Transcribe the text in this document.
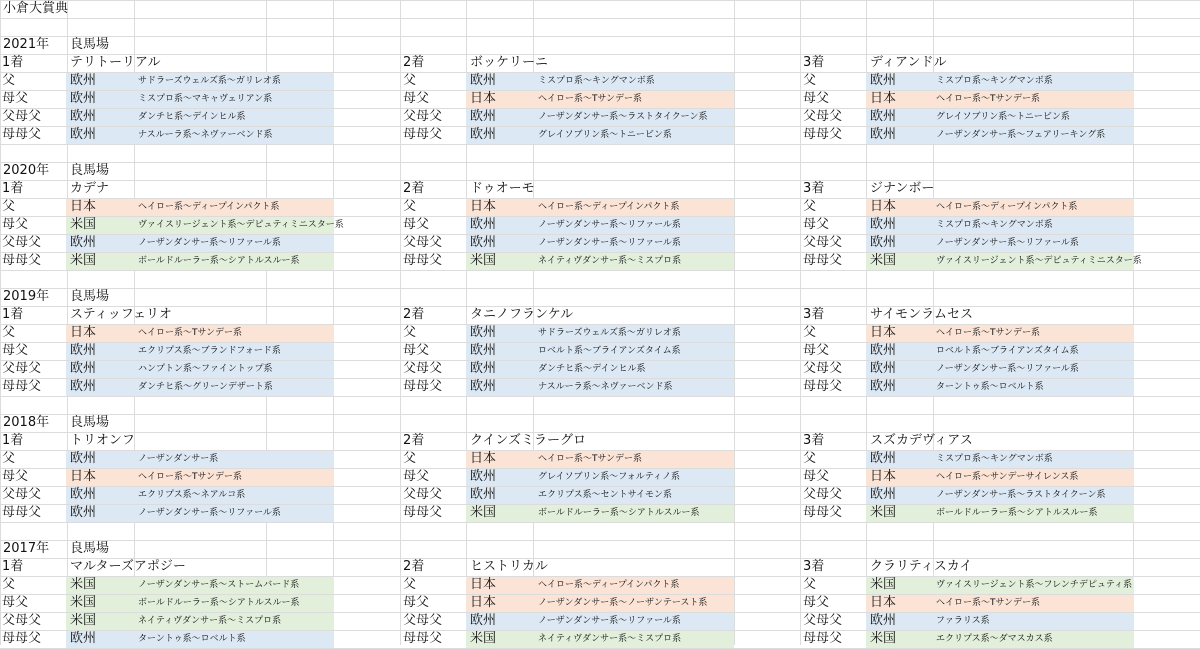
小倉大賞典
2021年 良馬場
1着	テリトーリアル
父	欧州	サドラーズウェルズ系～ガリレオ系
母父	欧州	ミスプロ系～マキャヴェリアン系
父母父 欧州	ダンチヒ系～デインヒル系
母母父 欧州	ナスルーラ系～ネヴァーベンド系
2着	ボッケリーニ
父	欧州	ミスプロ系～キングマンボ系
母父	日本	ヘイロー系～Tサンデー系
父母父 欧州	ノーザンダンサー系～ラストタイクーン系
母母父 欧州	グレイソブリン系～トニービン系
3着	ディアンドル
父	欧州	ミスプロ系～キングマンボ系
母父	日本	ヘイロー系～Tサンデー系
父母父 欧州	グレイソブリン系～トニービン系
母母父 欧州	ノーザンダンサー系～フェアリーキング系
2020年 良馬場
1着	カデナ
父	日本	ヘイロー系～ディープインパクト系
母父	米国	ヴァイスリージェント系～デピュティミニスター系
父母父 欧州	ノーザンダンサー系～リファール系
母母父 米国	ボールドルーラー系～シアトルスルー系
2着	ドゥオーモ
父	日本	ヘイロー系～ディープインパクト系
母父	欧州	ノーザンダンサー系～リファール系
父母父 欧州	ノーザンダンサー系～リファール系
母母父 米国	ネイティヴダンサー系～ミスプロ系
3着	ジナンボー
父	日本	ヘイロー系～ディープインパクト系
母父	欧州	ミスプロ系～キングマンボ系
父母父 欧州	ノーザンダンサー系～リファール系
母母父 米国	ヴァイスリージェント系～デピュティミニスター系
2019年 良馬場
1着	スティッフェリオ
父	日本	ヘイロー系～Tサンデー系
母父	欧州	エクリプス系～ブランドフォード系
父母父 欧州	ハンプトン系～ファイントップ系
母母父 欧州	ダンチヒ系～グリーンデザート系
2着	タニノフランケル
父	欧州	サドラーズウェルズ系～ガリレオ系
母父	欧州	ロベルト系～ブライアンズタイム系
父母父 欧州	ダンチヒ系～デインヒル系
母母父 欧州	ナスルーラ系～ネヴァーベンド系
3着	サイモンラムセス
父	日本	ヘイロー系～Tサンデー系
母父	欧州	ロベルト系～ブライアンズタイム系
父母父 欧州	ノーザンダンサー系～リファール系
母母父 欧州	ターントゥ系～ロベルト系
2018年 良馬場
1着	トリオンフ
父	欧州	ノーザンダンサー系
母父	日本	ヘイロー系～Tサンデー系
父母父 欧州	エクリプス系～ネアルコ系
母母父 欧州	ノーザンダンサー系～リファール系
2着	クインズミラーグロ
父	日本	ヘイロー系～Tサンデー系
母父	欧州	グレイソブリン系～フォルティノ系
父母父 欧州	エクリプス系～セントサイモン系
母母父 米国	ボールドルーラー系～シアトルスルー系
3着	スズカデヴィアス
父	欧州	ミスプロ系～キングマンボ系
母父	日本	ヘイロー系～サンデーサイレンス系
父母父 欧州	ノーザンダンサー系～ラストタイクーン系
母母父 米国	ボールドルーラー系～シアトルスルー系
2017年 良馬場
1着	マルターズアポジー
父	米国	ノーザンダンサー系～ストームバード系
母父	米国	ボールドルーラー系～シアトルスルー系
父母父 米国	ネイティヴダンサー系～ミスプロ系
母母父 欧州	ターントゥ系～ロベルト系
2着	ヒストリカル
父	日本	ヘイロー系～ディープインパクト系
母父	日本	ノーザンダンサー系～ノーザンテースト系
父母父 欧州	ノーザンダンサー系～リファール系
母母父 米国	ネイティヴダンサー系～ミスプロ系
3着	クラリティスカイ
父	米国	ヴァイスリージェント系～フレンチデピュティ系
母父	日本	ヘイロー系～Tサンデー系
父母父 欧州	ファラリス系
母母父 米国	エクリプス系～ダマスカス系
